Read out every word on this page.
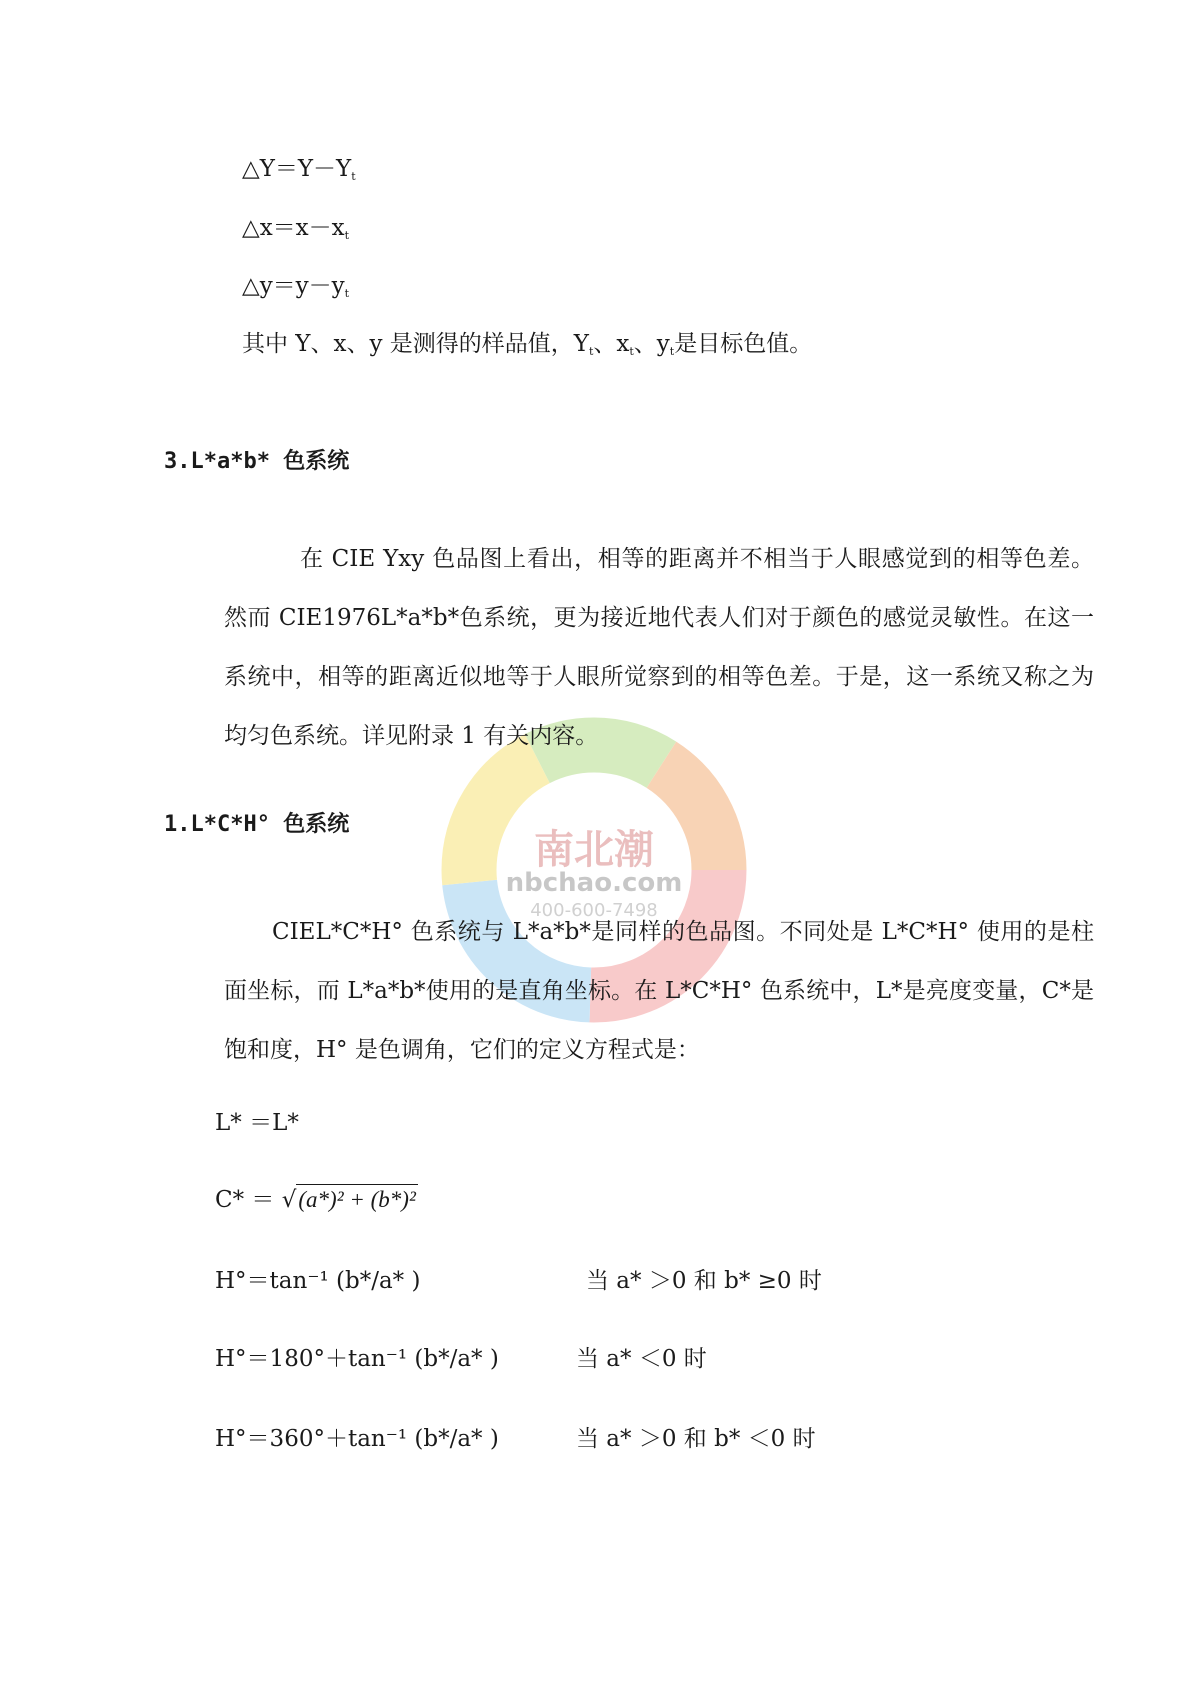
南北潮
nbchao.com
400-600-7498
$\triangle Y=Y-Y_t$
$\triangle x=x-x_t$
$\triangle y=y-y_t$
其中 Y、x、y 是测得的样品值，$Y_t$、$x_t$、$y_t$是目标色值。
3.L*a*b* 色系统
在 CIE Yxy 色品图上看出，相等的距离并不相当于人眼感觉到的相等色差。 然而 CIE1976L*a*b*色系统，更为接近地代表人们对于颜色的感觉灵敏性。在这一系统中，相等的距离近似地等于人眼所觉察到的相等色差。于是，这一系统又称之为均匀色系统。详见附录 1 有关内容。
1.L*C*H° 色系统
CIEL*C*H° 色系统与 L*a*b*是同样的色品图。不同处是 L*C*H° 使用的是柱面坐标，而 L*a*b*使用的是直角坐标。在 L*C*H° 色系统中，L*是亮度变量，C*是饱和度，H° 是色调角，它们的定义方程式是：
L* ＝L*
C* ＝ √(a*)² + (b*)²
H°＝tan⁻¹ (b*/a* )	当 a* ＞0 和 b* ≥0 时
H°＝180°＋tan⁻¹ (b*/a* )	当 a* ＜0 时
H°＝360°＋tan⁻¹ (b*/a* )	当 a* ＞0 和 b* ＜0 时
